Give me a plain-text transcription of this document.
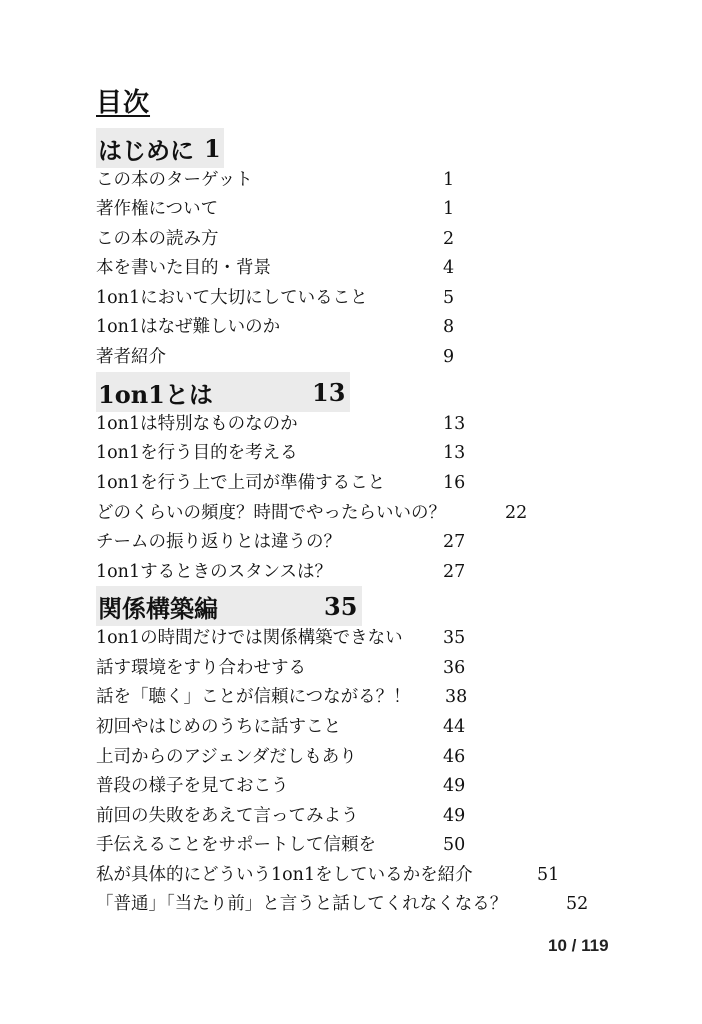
目次
はじめに 1
この本のターゲット	1
著作権について	1
この本の読み方	2
本を書いた目的・背景	4
1on1において大切にしていること	5
1on1はなぜ難しいのか	8
著者紹介	9
1on1とは	13
1on1は特別なものなのか	13
1on1を行う目的を考える	13
1on1を行う上で上司が準備すること	16
どのくらいの頻度？時間でやったらいいの？	22
チームの振り返りとは違うの？	27
1on1するときのスタンスは？	27
関係構築編	35
1on1の時間だけでは関係構築できない 35
話す環境をすり合わせする	36
話を「聴く」ことが信頼につながる？！ 38
初回やはじめのうちに話すこと	44
上司からのアジェンダだしもあり	46
普段の様子を見ておこう	49
前回の失敗をあえて言ってみよう	49
手伝えることをサポートして信頼を	50
私が具体的にどういう1on1をしているかを紹介	51
「普通」「当たり前」と言うと話してくれなくなる？	52
10 / 119
